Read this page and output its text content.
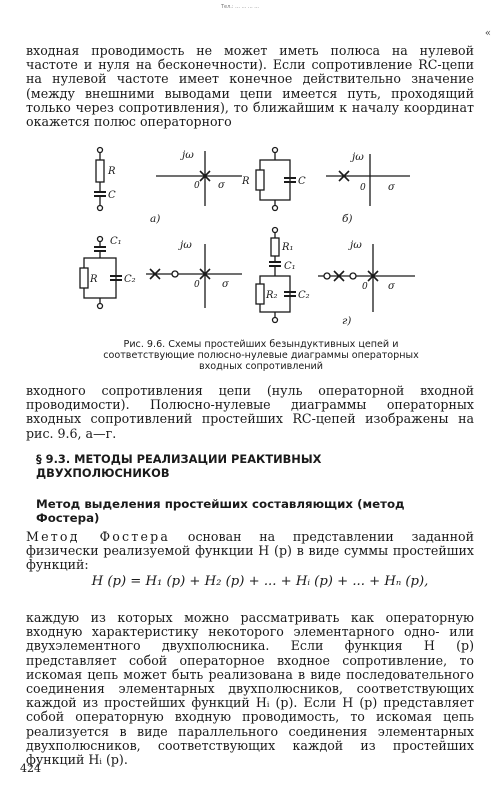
Тел.: ... ... ... ...
«
входная проводимость не может иметь полюса на нулевой частоте и нуля на бесконечности). Если сопротивление RC-цепи на нулевой частоте имеет конечное действительно значение (между внешними выводами цепи имеется путь, проходящий только через сопротивления), то ближайшим к началу координат окажется полюс операторного
R
C
jω
0 σ
а)
R	C
jω
0 σ
б)
C₁
R	C₂
jω
0 σ
R₁
C₁
R₂ C₂
jω
0 σ
г)
Рис. 9.6. Схемы простейших безындуктивных цепей и соответствующие полюсно-нулевые диаграммы операторных входных сопротивлений
входного сопротивления цепи (нуль операторной входной проводимости). Полюсно-нулевые диаграммы операторных входных сопротивлений простейших RC-цепей изображены на рис. 9.6, а—г.
§ 9.3. МЕТОДЫ РЕАЛИЗАЦИИ РЕАКТИВНЫХ ДВУХПОЛЮСНИКОВ
Метод выделения простейших составляющих (метод Фостера)
Метод Фостера основан на представлении заданной физически реализуемой функции H (p) в виде суммы простейших функций:
H (p) = H₁ (p) + H₂ (p) + ... + Hᵢ (p) + ... + Hₙ (p),
каждую из которых можно рассматривать как операторную входную характеристику некоторого элементарного одно- или двухэлементного двухполюсника. Если функция H (p) представляет собой операторное входное сопротивление, то искомая цепь может быть реализована в виде последовательного соединения элементарных двухполюсников, соответствующих каждой из простейших функций Hᵢ (p). Если H (p) представляет собой операторную входную проводимость, то искомая цепь реализуется в виде параллельного соединения элементарных двухполюсников, соответствующих каждой из простейших функций Hᵢ (p).
424
